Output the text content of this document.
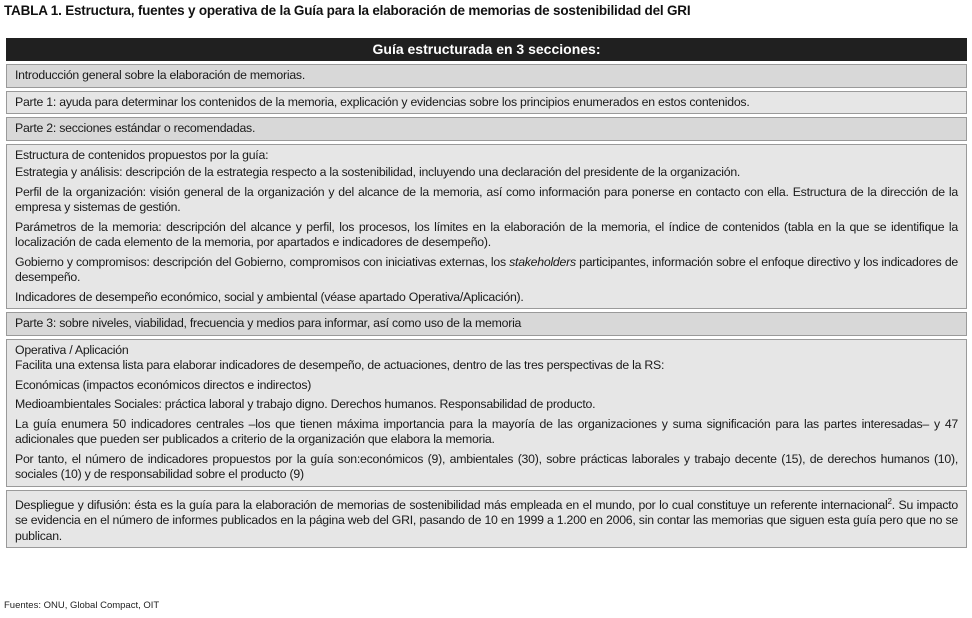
TABLA 1. Estructura, fuentes y operativa de la Guía para la elaboración de memorias de sostenibilidad del GRI
Guía estructurada en 3 secciones:

Introducción general sobre la elaboración de memorias.

Parte 1: ayuda para determinar los contenidos de la memoria, explicación y evidencias sobre los principios enumerados en estos contenidos.

Parte 2: secciones estándar o recomendadas.

Estructura de contenidos propuestos por la guía:

Estrategia y análisis: descripción de la estrategia respecto a la sostenibilidad, incluyendo una declaración del presidente de la organización.

Perfil de la organización: visión general de la organización y del alcance de la memoria, así como información para ponerse en contacto con ella. Estructura de la dirección de la empresa y sistemas de gestión.

Parámetros de la memoria: descripción del alcance y perfil, los procesos, los límites en la elaboración de la memoria, el índice de contenidos (tabla en la que se identifique la localización de cada elemento de la memoria, por apartados e indicadores de desempeño).

Gobierno y compromisos: descripción del Gobierno, compromisos con iniciativas externas, los stakeholders participantes, información sobre el enfoque directivo y los indicadores de desempeño.

Indicadores de desempeño económico, social y ambiental (véase apartado Operativa/Aplicación).

Parte 3: sobre niveles, viabilidad, frecuencia y medios para informar, así como uso de la memoria

Operativa / Aplicación

Facilita una extensa lista para elaborar indicadores de desempeño, de actuaciones, dentro de las tres perspectivas de la RS:

Económicas (impactos económicos directos e indirectos)

Medioambientales Sociales: práctica laboral y trabajo digno. Derechos humanos. Responsabilidad de producto.

La guía enumera 50 indicadores centrales –los que tienen máxima importancia para la mayoría de las organizaciones y suma significación para las partes interesadas– y 47 adicionales que pueden ser publicados a criterio de la organización que elabora la memoria.

Por tanto, el número de indicadores propuestos por la guía son:económicos (9), ambientales (30), sobre prácticas laborales y trabajo decente (15), de derechos humanos (10), sociales (10) y de responsabilidad sobre el producto (9)

Despliegue y difusión: ésta es la guía para la elaboración de memorias de sostenibilidad más empleada en el mundo, por lo cual constituye un referente internacional$^2$. Su impacto se evidencia en el número de informes publicados en la página web del GRI, pasando de 10 en 1999 a 1.200 en 2006, sin contar las memorias que siguen esta guía pero que no se publican.

Fuentes: ONU, Global Compact, OIT
